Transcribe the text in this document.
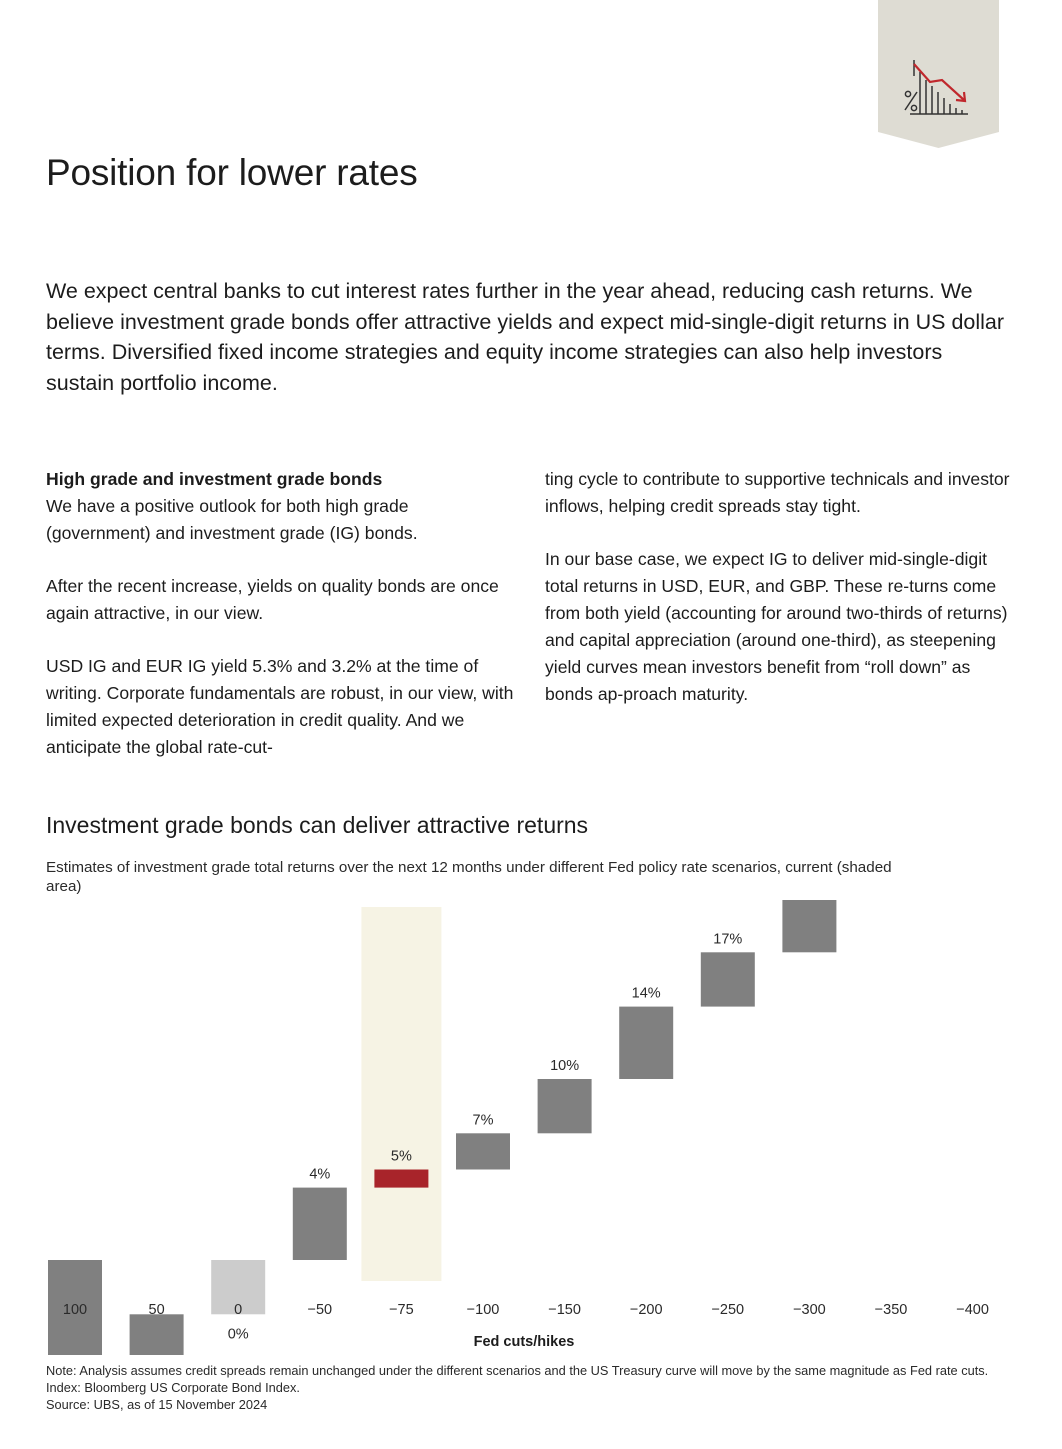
Position for lower rates

We expect central banks to cut interest rates further in the year ahead, reducing cash returns. We believe investment grade bonds offer attractive yields and expect mid-single-digit returns in US dollar terms. Diversified fixed income strategies and equity income strategies can also help investors sustain portfolio income.

High grade and investment grade bonds

We have a positive outlook for both high grade (government) and investment grade (IG) bonds.

After the recent increase, yields on quality bonds are once again attractive, in our view.

USD IG and EUR IG yield 5.3% and 3.2% at the time of writing. Corporate fundamentals are robust, in our view, with limited expected deterioration in credit quality. And we anticipate the global rate-cut-

ting cycle to contribute to supportive technicals and investor inflows, helping credit spreads stay tight.

In our base case, we expect IG to deliver mid-single-digit total returns in USD, EUR, and GBP. These re-turns come from both yield (accounting for around two-thirds of returns) and capital appreciation (around one-third), as steepening yield curves mean investors benefit from “roll down” as bonds ap-proach maturity.

Investment grade bonds can deliver attractive returns

Estimates of investment grade total returns over the next 12 months under different Fed policy rate scenarios, current (shaded area)

100	50
0%
0
4%
−50
5%
−75
7%
−100
10%
−150
14%
−200
17%
−250	−300	−350	−400
Fed cuts/hikes

Note: Analysis assumes credit spreads remain unchanged under the different scenarios and the US Treasury curve will move by the same magnitude as Fed rate cuts. Index: Bloomberg US Corporate Bond Index.
Source: UBS, as of 15 November 2024
